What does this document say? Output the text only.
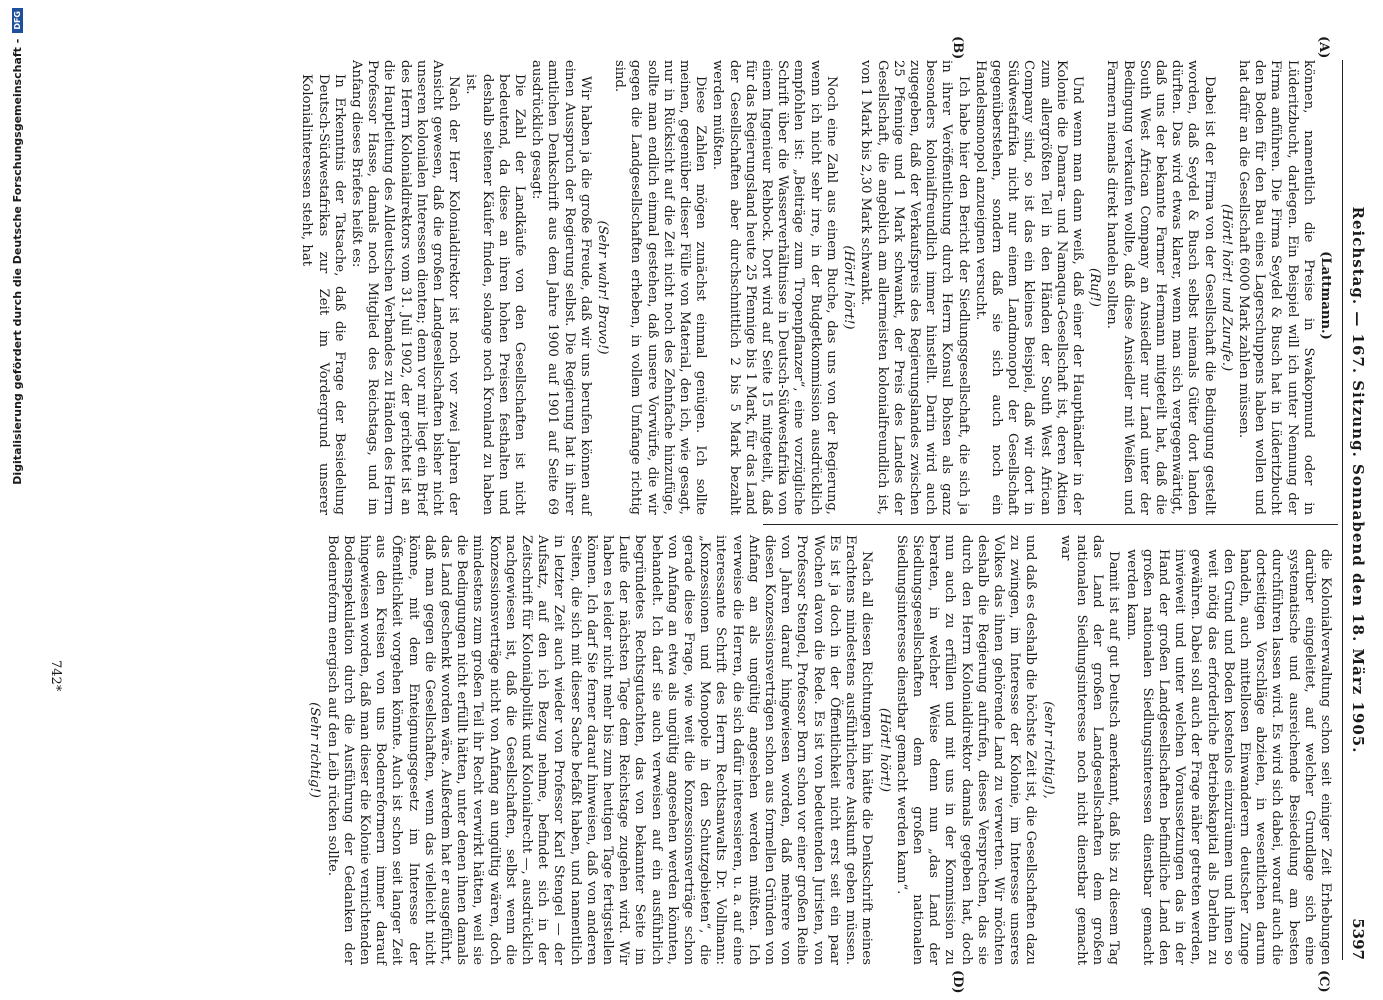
Reichstag. — 167. Sitzung. Sonnabend den 18. März 1905.
5397
(A)
(B)
(C)
(D)

(Lattmann.)

können, namentlich die Preise in Swakopmund oder in Lüderitzbucht, darlegen. Ein Beispiel will ich unter Nennung der Firma anführen. Die Firma Seydel & Busch hat in Lüderitzbucht den Boden für den Bau eines Lagerschuppens haben wollen und hat dafür an die Gesellschaft 6000 Mark zahlen müssen.

(Hört! hört! und Zurufe.)

Dabei ist der Firma von der Gesellschaft die Bedingung gestellt worden, daß Seydel & Busch selbst niemals Güter dort landen dürften. Das wird etwas klarer, wenn man sich vergegenwärtigt, daß uns der bekannte Farmer Hermann mitgeteilt hat, daß die South West African Company an Ansiedler nur Land unter der Bedingung verkaufen wollte, daß diese Ansiedler mit Weißen und Farmern niemals direkt handeln sollten.

(Ruf!)

Und wenn man dann weiß, daß einer der Haupthändler in der Kolonie die Damara- und Namaqua-Gesellschaft ist, deren Aktien zum allergrößten Teil in den Händen der South West African Company sind, so ist das ein kleines Beispiel, daß wir dort in Südwestafrika nicht nur einem Landmonopol der Gesellschaft gegenüberstehen, sondern daß sie sich auch noch ein Handelsmonopol anzueignen versucht.

Ich habe hier den Bericht der Siedlungsgesellschaft, die sich ja in ihrer Veröffentlichung durch Herrn Konsul Bohsen als ganz besonders kolonialfreundlich immer hinstellt. Darin wird auch zugegeben, daß der Verkaufspreis des Regierungslandes zwischen 25 Pfennige und 1 Mark schwankt, der Preis des Landes der Gesellschaft, die angeblich am allermeisten kolonialfreundlich ist, von 1 Mark bis 2,30 Mark schwankt.

(Hört! hört!)

Noch eine Zahl aus einem Buche, das uns von der Regierung, wenn ich nicht sehr irre, in der Budgetkommission ausdrücklich empfohlen ist: „Beiträge zum Tropenpflanzer“, eine vorzügliche Schrift über die Wasserverhältnisse in Deutsch-Südwestafrika von einem Ingenieur Rehbock. Dort wird auf Seite 15 mitgeteilt, daß für das Regierungsland heute 25 Pfennige bis 1 Mark, für das Land der Gesellschaften aber durchschnittlich 2 bis 5 Mark bezahlt werden müßten.

Diese Zahlen mögen zunächst einmal genügen. Ich sollte meinen, gegenüber dieser Fülle von Material, den ich, wie gesagt, nur in Rücksicht auf die Zeit nicht noch des Zehnfache hinzufüge, sollte man endlich einmal gestehen, daß unsere Vorwürfe, die wir gegen die Landgesellschaften erheben, in vollem Umfange richtig sind.

(Sehr wahr! Bravo!)

Wir haben ja die große Freude, daß wir uns berufen können auf einen Ausspruch der Regierung selbst. Die Regierung hat in ihrer amtlichen Denkschrift aus dem Jahre 1900 auf 1901 auf Seite 69 ausdrücklich gesagt:

Die Zahl der Landkäufe von den Gesellschaften ist nicht bedeutend, da diese an ihren hohen Preisen festhalten und deshalb seltener Käufer finden, solange noch Kronland zu haben ist.

Nach der Herr Kolonialdirektor ist noch vor zwei Jahren der Ansicht gewesen, daß die großen Landgesellschaften bisher nicht unseren kolonialen Interessen dienten; denn vor mir liegt ein Brief des Herrn Kolonialdirektors vom 31. Juli 1902, der gerichtet ist an die Hauptleitung des Alldeutschen Verbandes zu Händen des Herrn Professor Hasse, damals noch Mitglied des Reichstags, und im Anfang dieses Briefes heißt es:

In Erkenntnis der Tatsache, daß die Frage der Besiedelung Deutsch-Südwestafrikas zur Zeit im Vordergrund unserer Kolonialinteressen steht, hat

die Kolonialverwaltung schon seit einiger Zeit Erhebungen darüber eingeleitet, auf welcher Grundlage sich eine systematische und ausreichende Besiedelung am besten durchführen lassen wird. Es wird sich dabei, worauf auch die dortseitigen Vorschläge abzielen, in wesentlichen darum handeln, auch mittellosen Einwanderern deutscher Zunge den Grund und Boden kostenlos einzuräumen und ihnen so weit nötig das erforderliche Betriebskapital als Darlehn zu gewähren. Dabei soll auch der Frage näher getreten werden, inwieweit und unter welchen Voraussetzungen das in der Hand der großen Landgesellschaften befindliche Land den großen nationalen Siedlungsinteressen dienstbar gemacht werden kann.

Damit ist auf gut Deutsch anerkannt, daß bis zu diesem Tag das Land der großen Landgesellschaften dem großen nationalen Siedlungsinteresse noch nicht dienstbar gemacht war

(sehr richtig!),

und daß es deshalb die höchste Zeit ist, die Gesellschaften dazu zu zwingen, im Interesse der Kolonie, im Interesse unseres Volkes das ihnen gehörende Land zu verwerten. Wir möchten deshalb die Regierung aufrufen, dieses Versprechen, das sie durch den Herrn Kolonialdirektor damals gegeben hat, doch nun auch zu erfüllen und mit uns in der Kommission zu beraten, in welcher Weise denn nun „das Land der Siedlungsgesellschaften dem großen nationalen Siedlungsinteresse dienstbar gemacht werden kann“.

(Hört! hört!)

Nach all diesen Richtungen hin hätte die Denkschrift meines Erachtens mindestens ausführlichere Auskunft geben müssen. Es ist ja doch in der Öffentlichkeit nicht erst seit ein paar Wochen davon die Rede. Es ist von bedeutenden Juristen, von Professor Stengel, Professor Born schon vor einer großen Reihe von Jahren darauf hingewiesen worden, daß mehrere von diesen Konzessionsverträgen schon aus formellen Gründen von Anfang an als ungültig angesehen werden müßten. Ich verweise die Herren, die sich dafür interessieren, u. a. auf eine interessante Schrift des Herrn Rechtsanwalts Dr. Vollmann: „Konzessionen und Monopole in den Schutzgebieten“, die gerade diese Frage, wie weit die Konzessionsverträge schon von Anfang an etwa als ungültig angesehen werden könnten, behandelt. Ich darf sie auch verweisen auf ein ausführlich begründetes Rechtsgutachten, das von bekannter Seite im Laufe der nächsten Tage dem Reichstage zugehen wird. Wir haben es leider nicht mehr bis zum heutigen Tage fertigstellen können. Ich darf Sie ferner darauf hinweisen, daß von anderen Seiten, die sich mit dieser Sache befaßt haben, und namentlich in letzter Zeit auch wieder von Professor Karl Stengel — der Aufsatz, auf den ich Bezug nehme, befindet sich in der Zeitschrift für Kolonialpolitik und Kolonialrecht —, ausdrücklich nachgewiesen ist, daß die Gesellschaften, selbst wenn die Konzessionsverträge nicht von Anfang an ungültig wären, doch mindestens zum großen Teil ihr Recht verwirkt hätten, weil sie die Bedingungen nicht erfüllt hätten, unter denen ihnen damals das Land geschenkt worden wäre. Außerdem hat er ausgeführt, daß man gegen die Gesellschaften, wenn das vielleicht nicht könne, mit dem Enteignungsgesetz im Interesse der Öffentlichkeit vorgehen könnte. Auch ist schon seit langer Zeit aus den Kreisen von uns Bodenreformern immer darauf hingewiesen worden, daß man dieser die Kolonie vernichtenden Bodenspekulation durch die Ausführung der Gedanken der Bodenreform energisch auf den Leib rücken sollte.

(Sehr richtig!)

742*
Digitalisierung gefördert durch die Deutsche Forschungsgemeinschaft -
DFG
